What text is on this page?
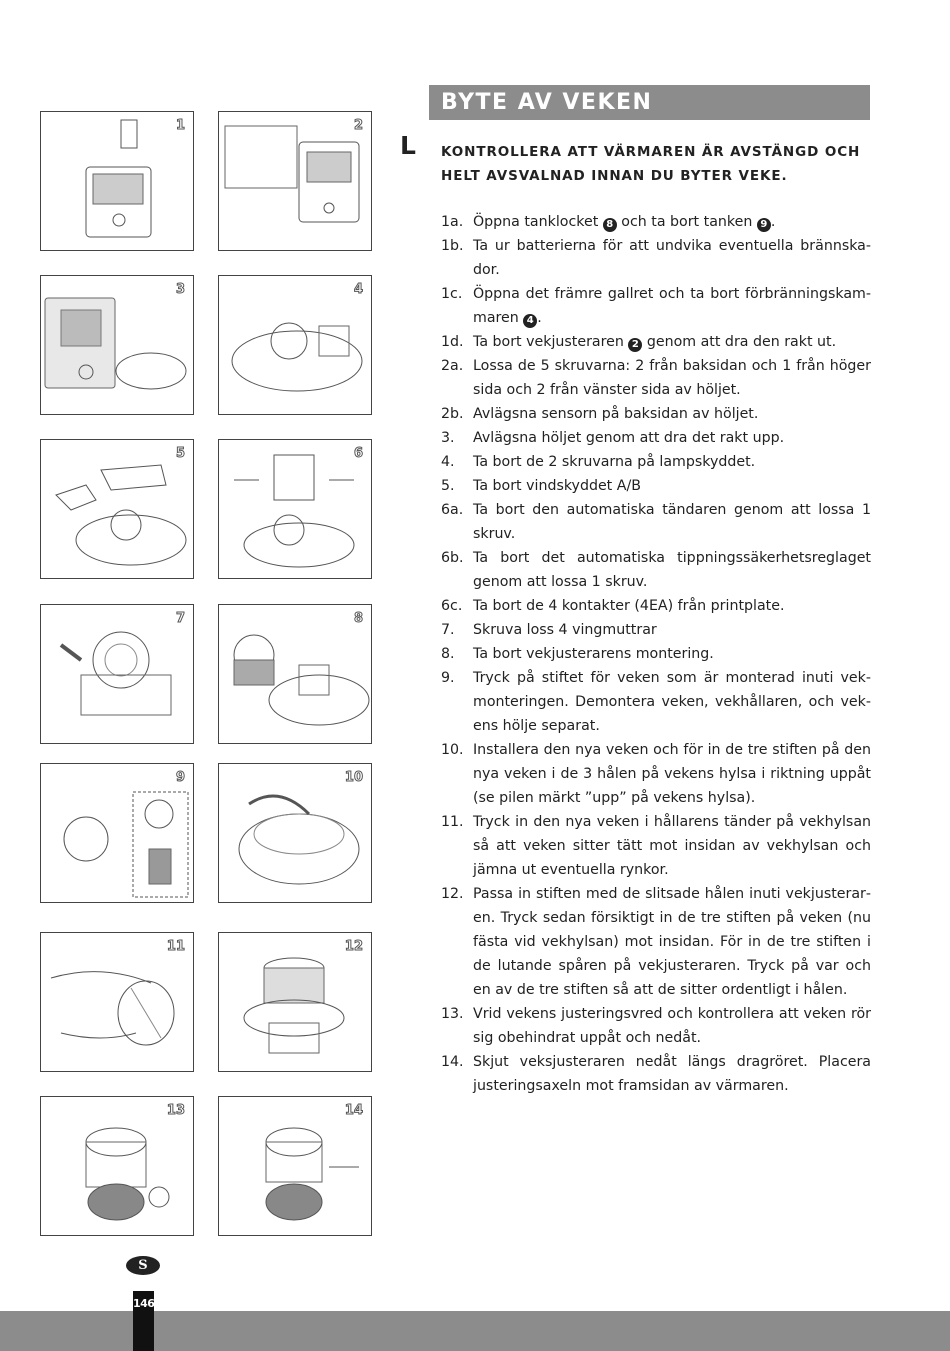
1	2
3	4
5	6
7	8
9	10
11	12
13	14
BYTE AV VEKEN
L KONTROLLERA ATT VÄRMAREN ÄR AVSTÄNGD OCH HELT AVSVALNAD INNAN DU BYTER VEKE.
1a. Öppna tanklocket 8 och ta bort tanken 9 .
1b. Ta ur batterierna för att undvika eventuella brännskador.
1c. Öppna det främre gallret och ta bort förbränningskammaren 4 .
1d. Ta bort vekjusteraren 2 genom att dra den rakt ut.
2a. Lossa de 5 skruvarna: 2 från baksidan och 1 från höger sida och 2 från vänster sida av höljet.
2b. Avlägsna sensorn på baksidan av höljet.
3. Avlägsna höljet genom att dra det rakt upp.
4. Ta bort de 2 skruvarna på lampskyddet.
5. Ta bort vindskyddet A/B
6a. Ta bort den automatiska tändaren genom att lossa 1 skruv.
6b. Ta bort det automatiska tippningssäkerhetsreglaget genom att lossa 1 skruv.
6c. Ta bort de 4 kontakter (4EA) från printplate.
7. Skruva loss 4 vingmuttrar
8. Ta bort vekjusterarens montering.
9. Tryck på stiftet för veken som är monterad inuti vekmonteringen. Demontera veken, vekhållaren, och vekens hölje separat.
10. Installera den nya veken och för in de tre stiften på den nya veken i de 3 hålen på vekens hylsa i riktning uppåt (se pilen märkt ”upp” på vekens hylsa).
11. Tryck in den nya veken i hållarens tänder på vekhylsan så att veken sitter tätt mot insidan av vekhylsan och jämna ut eventuella rynkor.
12. Passa in stiften med de slitsade hålen inuti vekjusteraren. Tryck sedan försiktigt in de tre stiften på veken (nu fästa vid vekhylsan) mot insidan. För in de tre stiften i de lutande spåren på vekjusteraren. Tryck på var och en av de tre stiften så att de sitter ordentligt i hålen.
13. Vrid vekens justeringsvred och kontrollera att veken rör sig obehindrat uppåt och nedåt.
14. Skjut veksjusteraren nedåt längs dragröret. Placera justeringsaxeln mot framsidan av värmaren.
S
146
